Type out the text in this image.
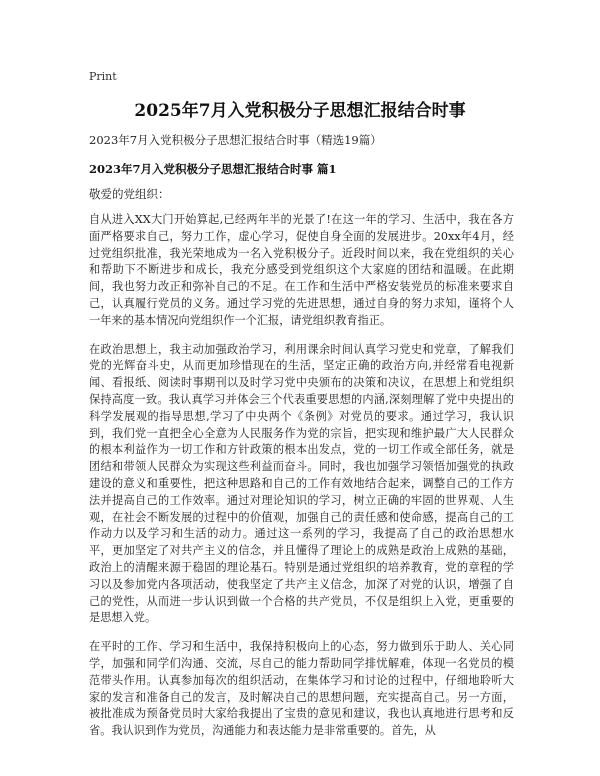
Print
2025年7月入党积极分子思想汇报结合时事
2023年7月入党积极分子思想汇报结合时事（精选19篇）
2023年7月入党积极分子思想汇报结合时事 篇1
敬爱的党组织：

自从进入XX大门开始算起,已经两年半的光景了!在这一年的学习、生活中，我在各方面严格要求自己，努力工作，虚心学习，促使自身全面的发展进步。20xx年4月，经过党组织批准，我光荣地成为一名入党积极分子。近段时间以来，我在党组织的关心和帮助下不断进步和成长，我充分感受到党组织这个大家庭的团结和温暖。在此期间，我也努力改正和弥补自己的不足。在工作和生活中严格安装党员的标准来要求自己，认真履行党员的义务。通过学习党的先进思想，通过自身的努力求知，谨将个人一年来的基本情况向党组织作一个汇报，请党组织教育指正。

在政治思想上，我主动加强政治学习，利用课余时间认真学习党史和党章，了解我们党的光辉奋斗史，从而更加珍惜现在的生活，坚定正确的政治方向,并经常看电视新闻、看报纸、阅读时事期刊以及时学习党中央颁布的决策和决议，在思想上和党组织保持高度一致。我认真学习并体会三个代表重要思想的内涵,深刻理解了党中央提出的科学发展观的指导思想,学习了中央两个《条例》对党员的要求。通过学习，我认识到，我们党一直把全心全意为人民服务作为党的宗旨，把实现和维护最广大人民群众的根本利益作为一切工作和方针政策的根本出发点，党的一切工作或全部任务，就是团结和带领人民群众为实现这些利益而奋斗。同时，我也加强学习领悟加强党的执政建设的意义和重要性，把这种思路和自己的工作有效地结合起来，调整自己的工作方法并提高自己的工作效率。通过对理论知识的学习，树立正确的牢固的世界观、人生观，在社会不断发展的过程中的价值观，加强自己的责任感和使命感，提高自己的工作动力以及学习和生活的动力。通过这一系列的学习，我提高了自己的政治思想水平，更加坚定了对共产主义的信念，并且懂得了理论上的成熟是政治上成熟的基础，政治上的清醒来源于稳固的理论基石。特别是通过党组织的培养教育，党的章程的学习以及参加党内各项活动，使我坚定了共产主义信念，加深了对党的认识，增强了自己的党性，从而进一步认识到做一个合格的共产党员，不仅是组织上入党，更重要的是思想入党。

在平时的工作、学习和生活中，我保持积极向上的心态，努力做到乐于助人、关心同学，加强和同学们沟通、交流，尽自己的能力帮助同学排忧解难，体现一名党员的模范带头作用。认真参加每次的组织活动，在集体学习和讨论的过程中，仔细地聆听大家的发言和准备自己的发言，及时解决自己的思想问题，充实提高自己。另一方面，被批准成为预备党员时大家给我提出了宝贵的意见和建议，我也认真地进行思考和反省。我认识到作为党员，沟通能力和表达能力是非常重要的。首先，从
